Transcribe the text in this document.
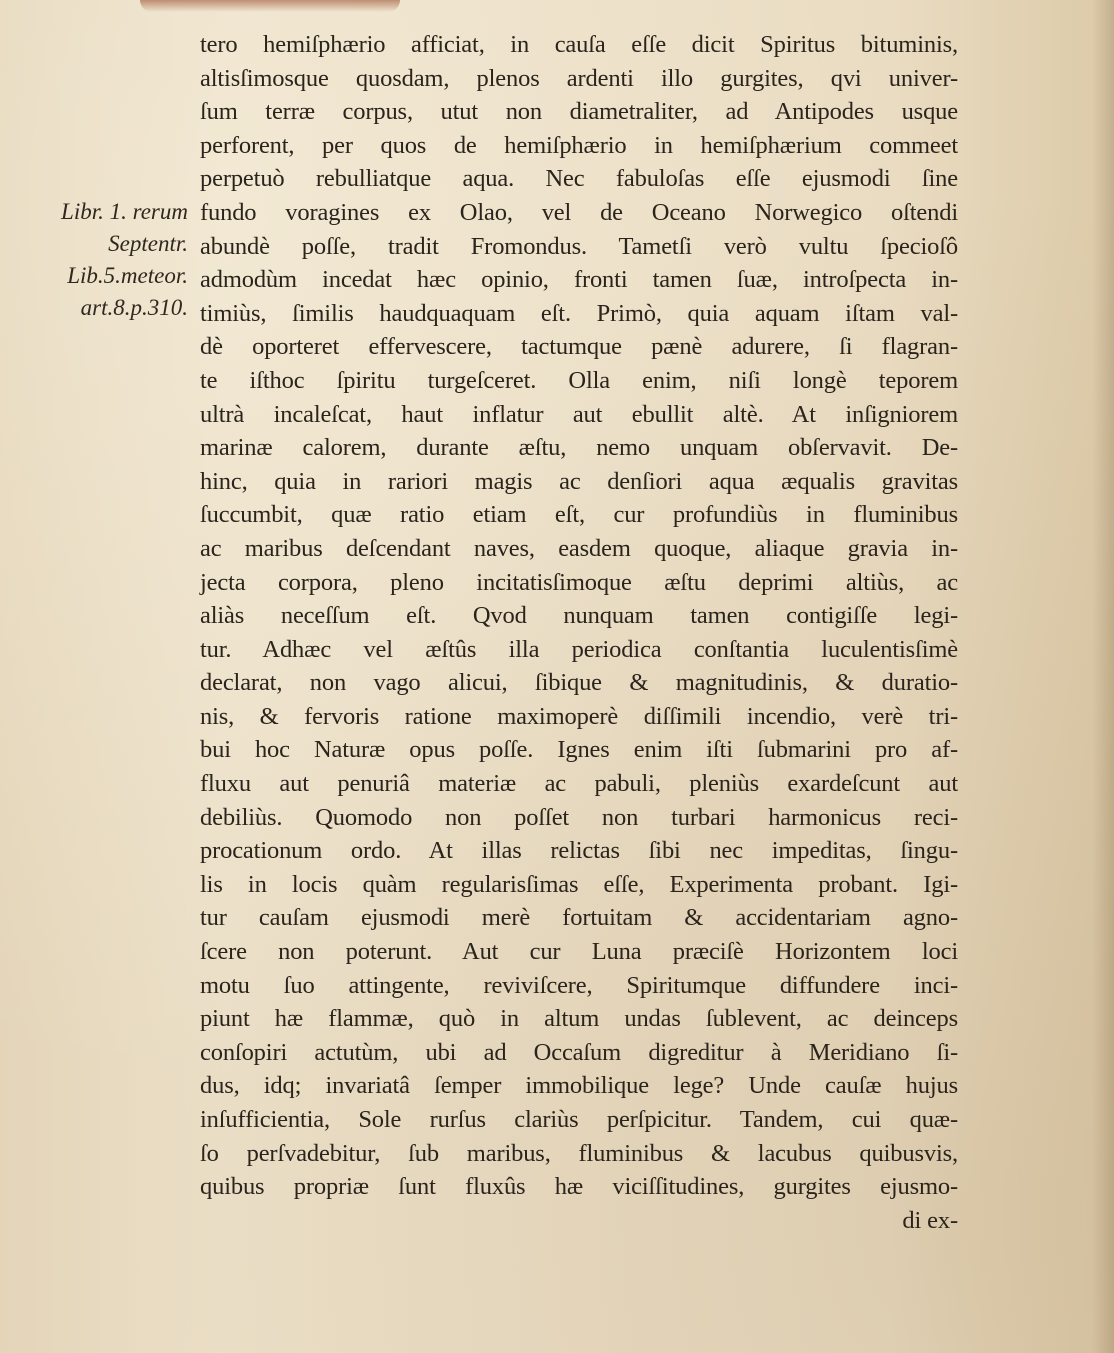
Libr. 1. rerum
Septentr.
Lib.5.meteor.
art.8.p.310.
tero hemiſphærio afficiat, in cauſa eſſe dicit Spiritus bituminis,
altisſimosque quosdam, plenos ardenti illo gurgites, qvi univer-
ſum terræ corpus, utut non diametraliter, ad Antipodes usque
perforent, per quos de hemiſphærio in hemiſphærium commeet
perpetuò rebulliatque aqua. Nec fabuloſas eſſe ejusmodi ſine
fundo voragines ex Olao, vel de Oceano Norwegico oſtendi
abundè poſſe, tradit Fromondus. Tametſi verò vultu ſpecioſô
admodùm incedat hæc opinio, fronti tamen ſuæ, introſpecta in-
timiùs, ſimilis haudquaquam eſt. Primò, quia aquam iſtam val-
dè oporteret effervescere, tactumque pænè adurere, ſi flagran-
te iſthoc ſpiritu turgeſceret. Olla enim, niſi longè teporem
ultrà incaleſcat, haut inflatur aut ebullit altè. At inſigniorem
marinæ calorem, durante æſtu, nemo unquam obſervavit. De-
hinc, quia in rariori magis ac denſiori aqua æqualis gravitas
ſuccumbit, quæ ratio etiam eſt, cur profundiùs in fluminibus
ac maribus deſcendant naves, easdem quoque, aliaque gravia in-
jecta corpora, pleno incitatisſimoque æſtu deprimi altiùs, ac
aliàs neceſſum eſt. Qvod nunquam tamen contigiſſe legi-
tur. Adhæc vel æſtûs illa periodica conſtantia luculentisſimè
declarat, non vago alicui, ſibique & magnitudinis, & duratio-
nis, & fervoris ratione maximoperè diſſimili incendio, verè tri-
bui hoc Naturæ opus poſſe. Ignes enim iſti ſubmarini pro af-
fluxu aut penuriâ materiæ ac pabuli, pleniùs exardeſcunt aut
debiliùs. Quomodo non poſſet non turbari harmonicus reci-
procationum ordo. At illas relictas ſibi nec impeditas, ſingu-
lis in locis quàm regularisſimas eſſe, Experimenta probant. Igi-
tur cauſam ejusmodi merè fortuitam & accidentariam agno-
ſcere non poterunt. Aut cur Luna præciſè Horizontem loci
motu ſuo attingente, reviviſcere, Spiritumque diffundere inci-
piunt hæ flammæ, quò in altum undas ſublevent, ac deinceps
conſopiri actutùm, ubi ad Occaſum digreditur à Meridiano ſi-
dus, idq; invariatâ ſemper immobilique lege? Unde cauſæ hujus
inſufficientia, Sole rurſus clariùs perſpicitur. Tandem, cui quæ-
ſo perſvadebitur, ſub maribus, fluminibus & lacubus quibusvis,
quibus propriæ ſunt fluxûs hæ viciſſitudines, gurgites ejusmo-
di ex-
